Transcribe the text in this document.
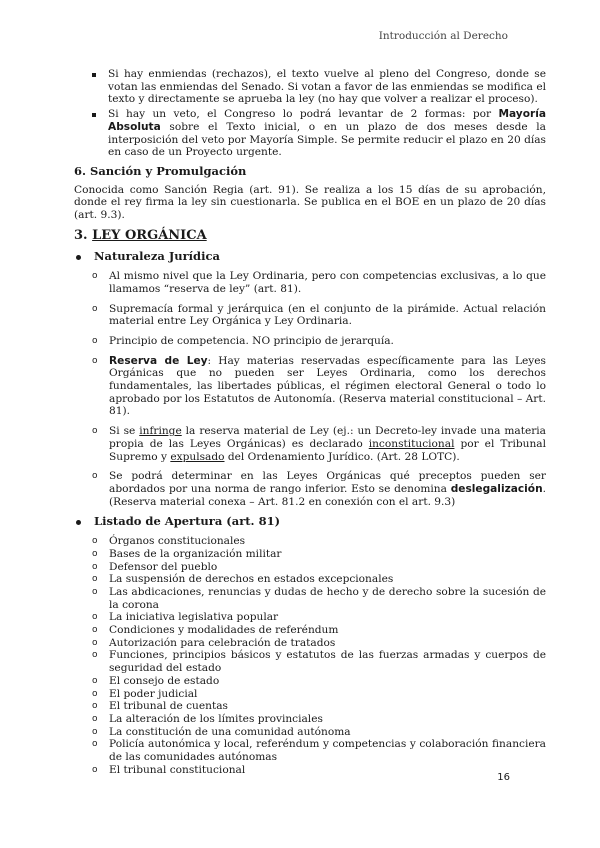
Introducción al Derecho
Si hay enmiendas (rechazos), el texto vuelve al pleno del Congreso, donde se votan las enmiendas del Senado. Si votan a favor de las enmiendas se modifica el texto y directamente se aprueba la ley (no hay que volver a realizar el proceso).
Si hay un veto, el Congreso lo podrá levantar de 2 formas: por Mayoría Absoluta sobre el Texto inicial, o en un plazo de dos meses desde la interposición del veto por Mayoría Simple. Se permite reducir el plazo en 20 días en caso de un Proyecto urgente.
6. Sanción y Promulgación

Conocida como Sanción Regia (art. 91). Se realiza a los 15 días de su aprobación, donde el rey firma la ley sin cuestionarla. Se publica en el BOE en un plazo de 20 días (art. 9.3).

3. LEY ORGÁNICA
Naturaleza Jurídica
o Al mismo nivel que la Ley Ordinaria, pero con competencias exclusivas, a lo que llamamos “reserva de ley” (art. 81).
o Supremacía formal y jerárquica (en el conjunto de la pirámide. Actual relación material entre Ley Orgánica y Ley Ordinaria.
o Principio de competencia. NO principio de jerarquía.
o Reserva de Ley: Hay materias reservadas específicamente para las Leyes Orgánicas que no pueden ser Leyes Ordinaria, como los derechos fundamentales, las libertades públicas, el régimen electoral General o todo lo aprobado por los Estatutos de Autonomía. (Reserva material constitucional – Art. 81).
o Si se infringe la reserva material de Ley (ej.: un Decreto-ley invade una materia propia de las Leyes Orgánicas) es declarado inconstitucional por el Tribunal Supremo y expulsado del Ordenamiento Jurídico. (Art. 28 LOTC).
o Se podrá determinar en las Leyes Orgánicas qué preceptos pueden ser abordados por una norma de rango inferior. Esto se denomina deslegalización. (Reserva material conexa – Art. 81.2 en conexión con el art. 9.3)
Listado de Apertura (art. 81)
o Órganos constitucionales
o Bases de la organización militar
o Defensor del pueblo
o La suspensión de derechos en estados excepcionales
o Las abdicaciones, renuncias y dudas de hecho y de derecho sobre la sucesión de la corona
o La iniciativa legislativa popular
o Condiciones y modalidades de referéndum
o Autorización para celebración de tratados
o Funciones, principios básicos y estatutos de las fuerzas armadas y cuerpos de seguridad del estado
o El consejo de estado
o El poder judicial
o El tribunal de cuentas
o La alteración de los límites provinciales
o La constitución de una comunidad autónoma
o Policía autonómica y local, referéndum y competencias y colaboración financiera de las comunidades autónomas
o El tribunal constitucional
16
